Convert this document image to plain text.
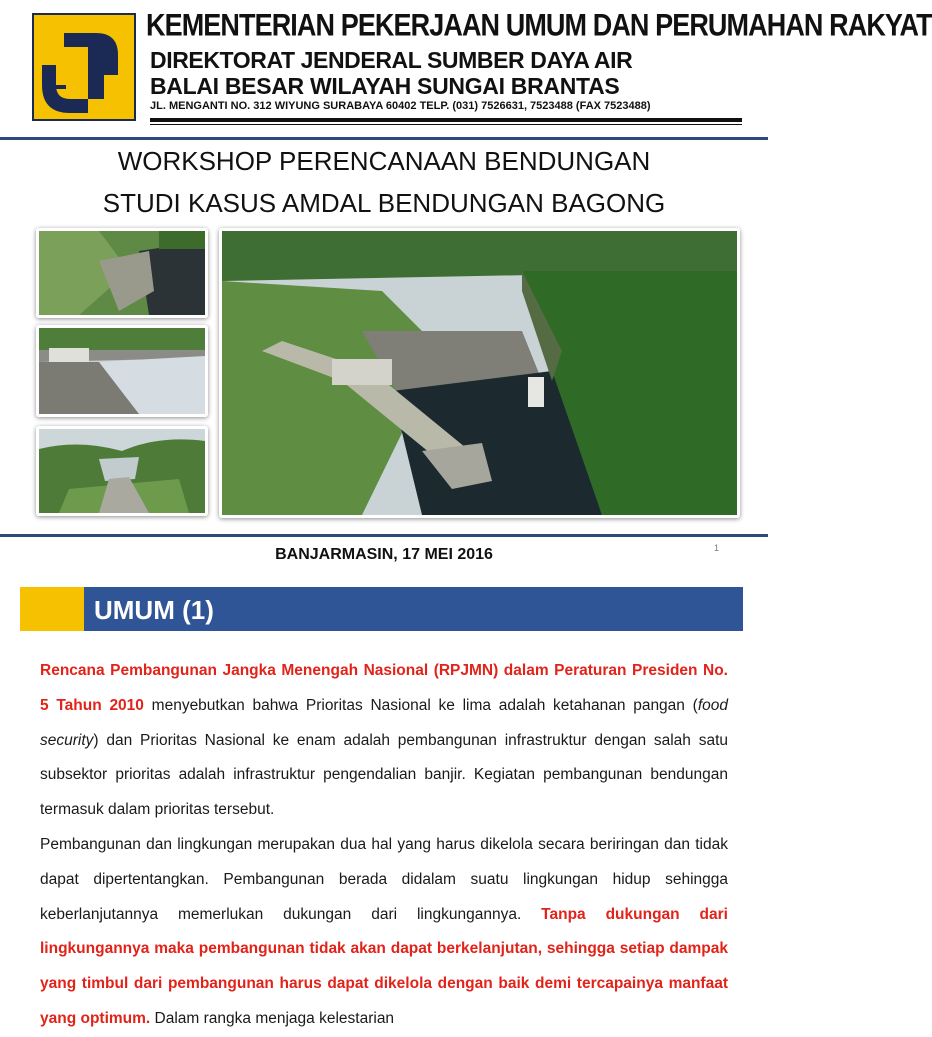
KEMENTERIAN PEKERJAAN UMUM DAN PERUMAHAN RAKYAT
DIREKTORAT JENDERAL SUMBER DAYA AIR
BALAI BESAR WILAYAH SUNGAI BRANTAS
JL. MENGANTI NO. 312 WIYUNG SURABAYA 60402 TELP. (031) 7526631, 7523488 (FAX 7523488)
WORKSHOP PERENCANAAN BENDUNGAN
STUDI KASUS AMDAL BENDUNGAN BAGONG
BANJARMASIN, 17 MEI 2016	1
UMUM (1)

Rencana Pembangunan Jangka Menengah Nasional (RPJMN) dalam Peraturan Presiden No. 5 Tahun 2010 menyebutkan bahwa Prioritas Nasional ke lima adalah ketahanan pangan (food security) dan Prioritas Nasional ke enam adalah pembangunan infrastruktur dengan salah satu subsektor prioritas adalah infrastruktur pengendalian banjir. Kegiatan pembangunan bendungan termasuk dalam prioritas tersebut.

Pembangunan dan lingkungan merupakan dua hal yang harus dikelola secara beriringan dan tidak dapat dipertentangkan. Pembangunan berada didalam suatu lingkungan hidup sehingga keberlanjutannya memerlukan dukungan dari lingkungannya. Tanpa dukungan dari lingkungannya maka pembangunan tidak akan dapat berkelanjutan, sehingga setiap dampak yang timbul dari pembangunan harus dapat dikelola dengan baik demi tercapainya manfaat yang optimum. Dalam rangka menjaga kelestarian
